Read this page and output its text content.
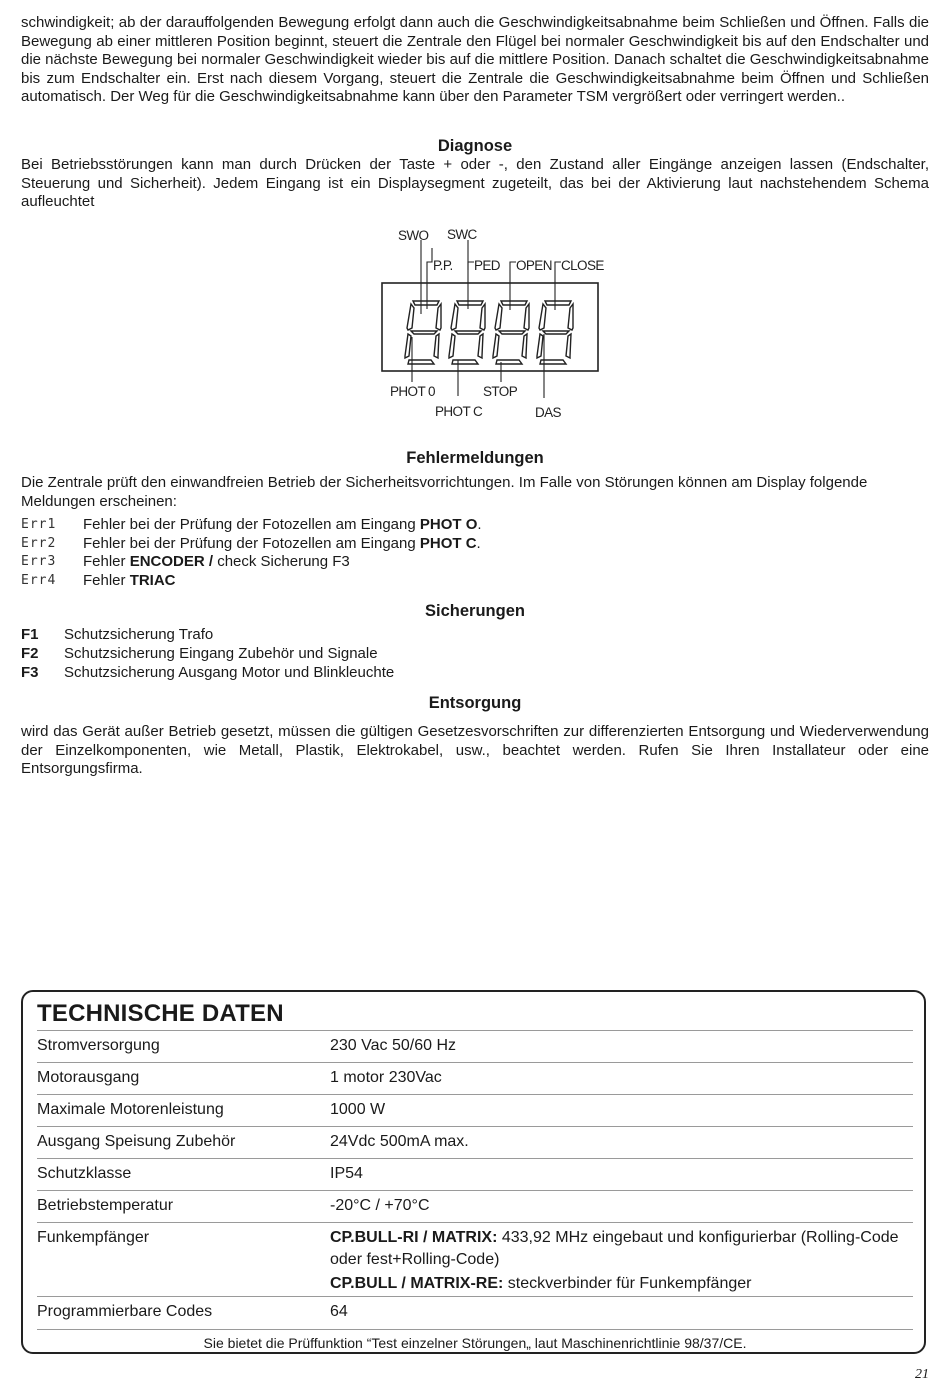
schwindigkeit; ab der darauffolgenden Bewegung erfolgt dann auch die Geschwindigkeitsabnahme beim Schließen und Öffnen. Falls die Bewegung ab einer mittleren Position beginnt, steuert die Zentrale den Flügel bei normaler Geschwindigkeit bis auf den Endschalter und die nächste Bewegung bei normaler Geschwindigkeit wieder bis auf die mittlere Position. Danach schaltet die Geschwindigkeitsabnahme bis zum Endschalter ein. Erst nach diesem Vorgang, steuert die Zentrale die Geschwindigkeitsabnahme beim Öffnen und Schließen automatisch. Der Weg für die Geschwindigkeitsabnahme kann über den Parameter TSM vergrößert oder verringert werden..

Diagnose

Bei Betriebsstörungen kann man durch Drücken der Taste + oder -, den Zustand aller Eingänge anzeigen lassen (Endschalter, Steuerung und Sicherheit). Jedem Eingang ist ein Displaysegment zugeteilt, das bei der Aktivierung laut nachstehendem Schema aufleuchtet

SWO SWC
P.P. PED OPEN CLOSE
PHOT 0
PHOT C
STOP
DAS
Fehlermeldungen

Die Zentrale prüft den einwandfreien Betrieb der Sicherheitsvorrichtungen. Im Falle von Störungen können am Display folgende Meldungen erscheinen:

Err1	Fehler bei der Prüfung der Fotozellen am Eingang PHOT O.
Err2	Fehler bei der Prüfung der Fotozellen am Eingang PHOT C.
Err3	Fehler ENCODER / check Sicherung F3
Err4	Fehler TRIAC
Sicherungen
F1	Schutzsicherung Trafo
F2	Schutzsicherung Eingang Zubehör und Signale
F3	Schutzsicherung Ausgang Motor und Blinkleuchte
Entsorgung

wird das Gerät außer Betrieb gesetzt, müssen die gültigen Gesetzesvorschriften zur differenzierten Entsorgung und Wiederverwendung der Einzelkomponenten, wie Metall, Plastik, Elektrokabel, usw., beachtet werden. Rufen Sie Ihren Installateur oder eine Entsorgungsfirma.

TECHNISCHE DATEN
Stromversorgung	230 Vac 50/60 Hz
Motorausgang	1 motor 230Vac
Maximale Motorenleistung	1000 W
Ausgang Speisung Zubehör	24Vdc 500mA max.
Schutzklasse	IP54
Betriebstemperatur	-20°C / +70°C
Funkempfänger	CP.BULL-RI / MATRIX: 433,92 MHz eingebaut und konfigurierbar (Rolling-Code oder fest+Rolling-Code)
CP.BULL / MATRIX-RE: steckverbinder für Funkempfänger
Programmierbare Codes	64
Sie bietet die Prüffunktion “Test einzelner Störungen„ laut Maschinenrichtlinie 98/37/CE.
21
